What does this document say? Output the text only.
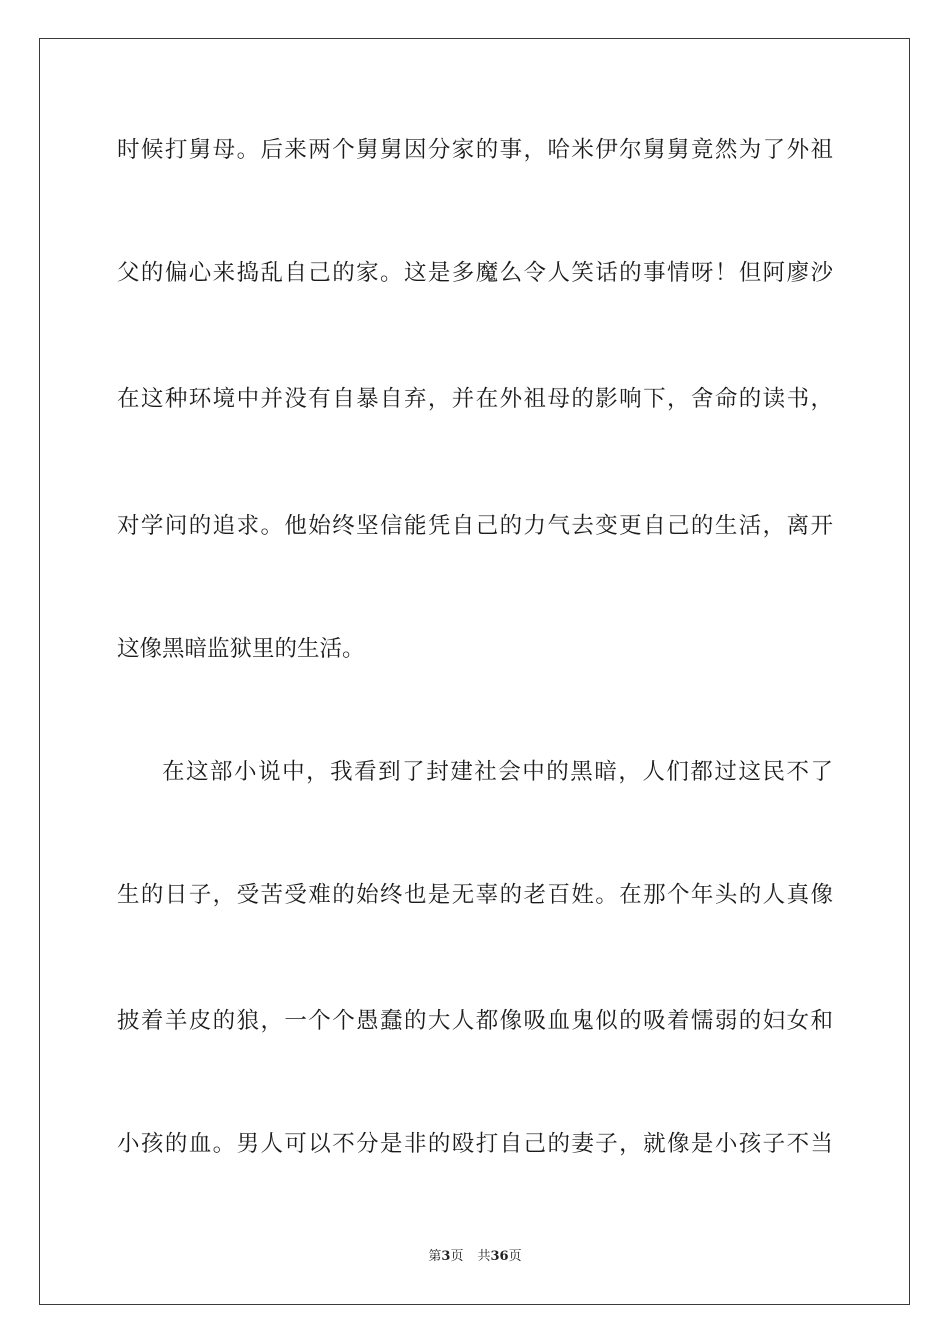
时候打舅母。后来两个舅舅因分家的事，哈米伊尔舅舅竟然为了外祖
父的偏心来捣乱自己的家。这是多魔么令人笑话的事情呀！但阿廖沙
在这种环境中并没有自暴自弃，并在外祖母的影响下，舍命的读书，
对学问的追求。他始终坚信能凭自己的力气去变更自己的生活，离开
这像黑暗监狱里的生活。
在这部小说中，我看到了封建社会中的黑暗，人们都过这民不了
生的日子，受苦受难的始终也是无辜的老百姓。在那个年头的人真像
披着羊皮的狼，一个个愚蠢的大人都像吸血鬼似的吸着懦弱的妇女和
小孩的血。男人可以不分是非的殴打自己的妻子，就像是小孩子不当
第3页 共36页
